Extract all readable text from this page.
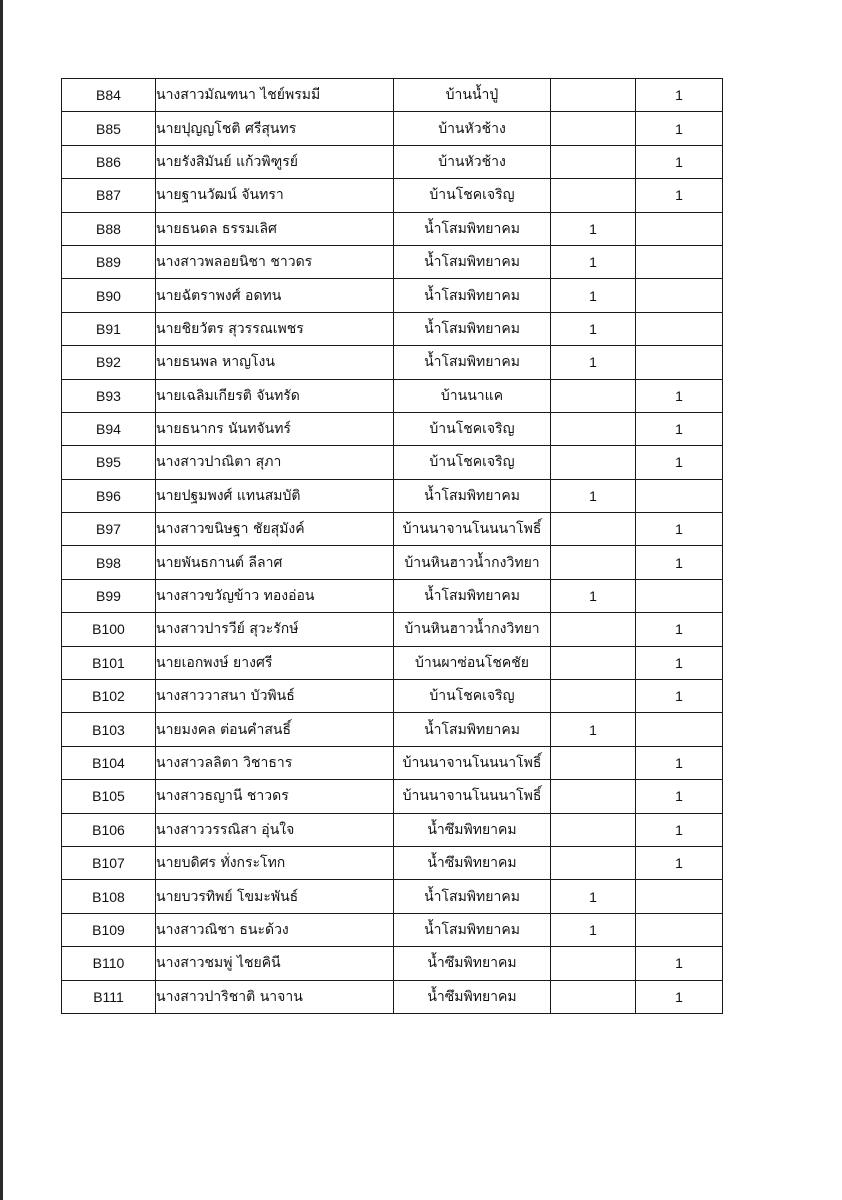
B84	นางสาวมัณฑนา ไชย์พรมมี	บ้านน้ำปู่		1
B85	นายปุญญโชติ ศรีสุนทร	บ้านหัวช้าง		1
B86	นายรังสิมันย์ แก้วพิฑูรย์	บ้านหัวช้าง		1
B87	นายฐานวัฒน์ จันทรา	บ้านโชคเจริญ		1
B88	นายธนดล ธรรมเลิศ	น้ำโสมพิทยาคม	1	
B89	นางสาวพลอยนิชา ชาวดร	น้ำโสมพิทยาคม	1	
B90	นายฉัตราพงศ์ อดทน	น้ำโสมพิทยาคม	1	
B91	นายชิยวัตร สุวรรณเพชร	น้ำโสมพิทยาคม	1	
B92	นายธนพล หาญโงน	น้ำโสมพิทยาคม	1	
B93	นายเฉลิมเกียรติ จันทรัด	บ้านนาแค		1
B94	นายธนากร นันทจันทร์	บ้านโชคเจริญ		1
B95	นางสาวปาณิตา สุภา	บ้านโชคเจริญ		1
B96	นายปฐมพงศ์ แทนสมบัติ	น้ำโสมพิทยาคม	1	
B97	นางสาวขนิษฐา ชัยสุมังค์	บ้านนาจานโนนนาโพธิ์		1
B98	นายพันธกานต์ ลีลาศ	บ้านหินฮาวน้ำกงวิทยา		1
B99	นางสาวขวัญข้าว ทองอ่อน	น้ำโสมพิทยาคม	1	
B100	นางสาวปารวีย์ สุวะรักษ์	บ้านหินฮาวน้ำกงวิทยา		1
B101	นายเอกพงษ์ ยางศรี	บ้านผาซ่อนโชคชัย		1
B102	นางสาววาสนา บัวพินธ์	บ้านโชคเจริญ		1
B103	นายมงคล ต่อนคำสนธิ์	น้ำโสมพิทยาคม	1	
B104	นางสาวลลิตา วิชาธาร	บ้านนาจานโนนนาโพธิ์		1
B105	นางสาวธญานี ชาวดร	บ้านนาจานโนนนาโพธิ์		1
B106	นางสาววรรณิสา อุ่นใจ	น้ำซึมพิทยาคม		1
B107	นายบดิศร ทั่งกระโทก	น้ำซึมพิทยาคม		1
B108	นายบวรทิพย์ โขมะพันธ์	น้ำโสมพิทยาคม	1	
B109	นางสาวณิชา ธนะด้วง	น้ำโสมพิทยาคม	1	
B110	นางสาวชมพู่ ไชยคินี	น้ำซึมพิทยาคม		1
B111	นางสาวปาริชาติ นาจาน	น้ำซึมพิทยาคม		1
